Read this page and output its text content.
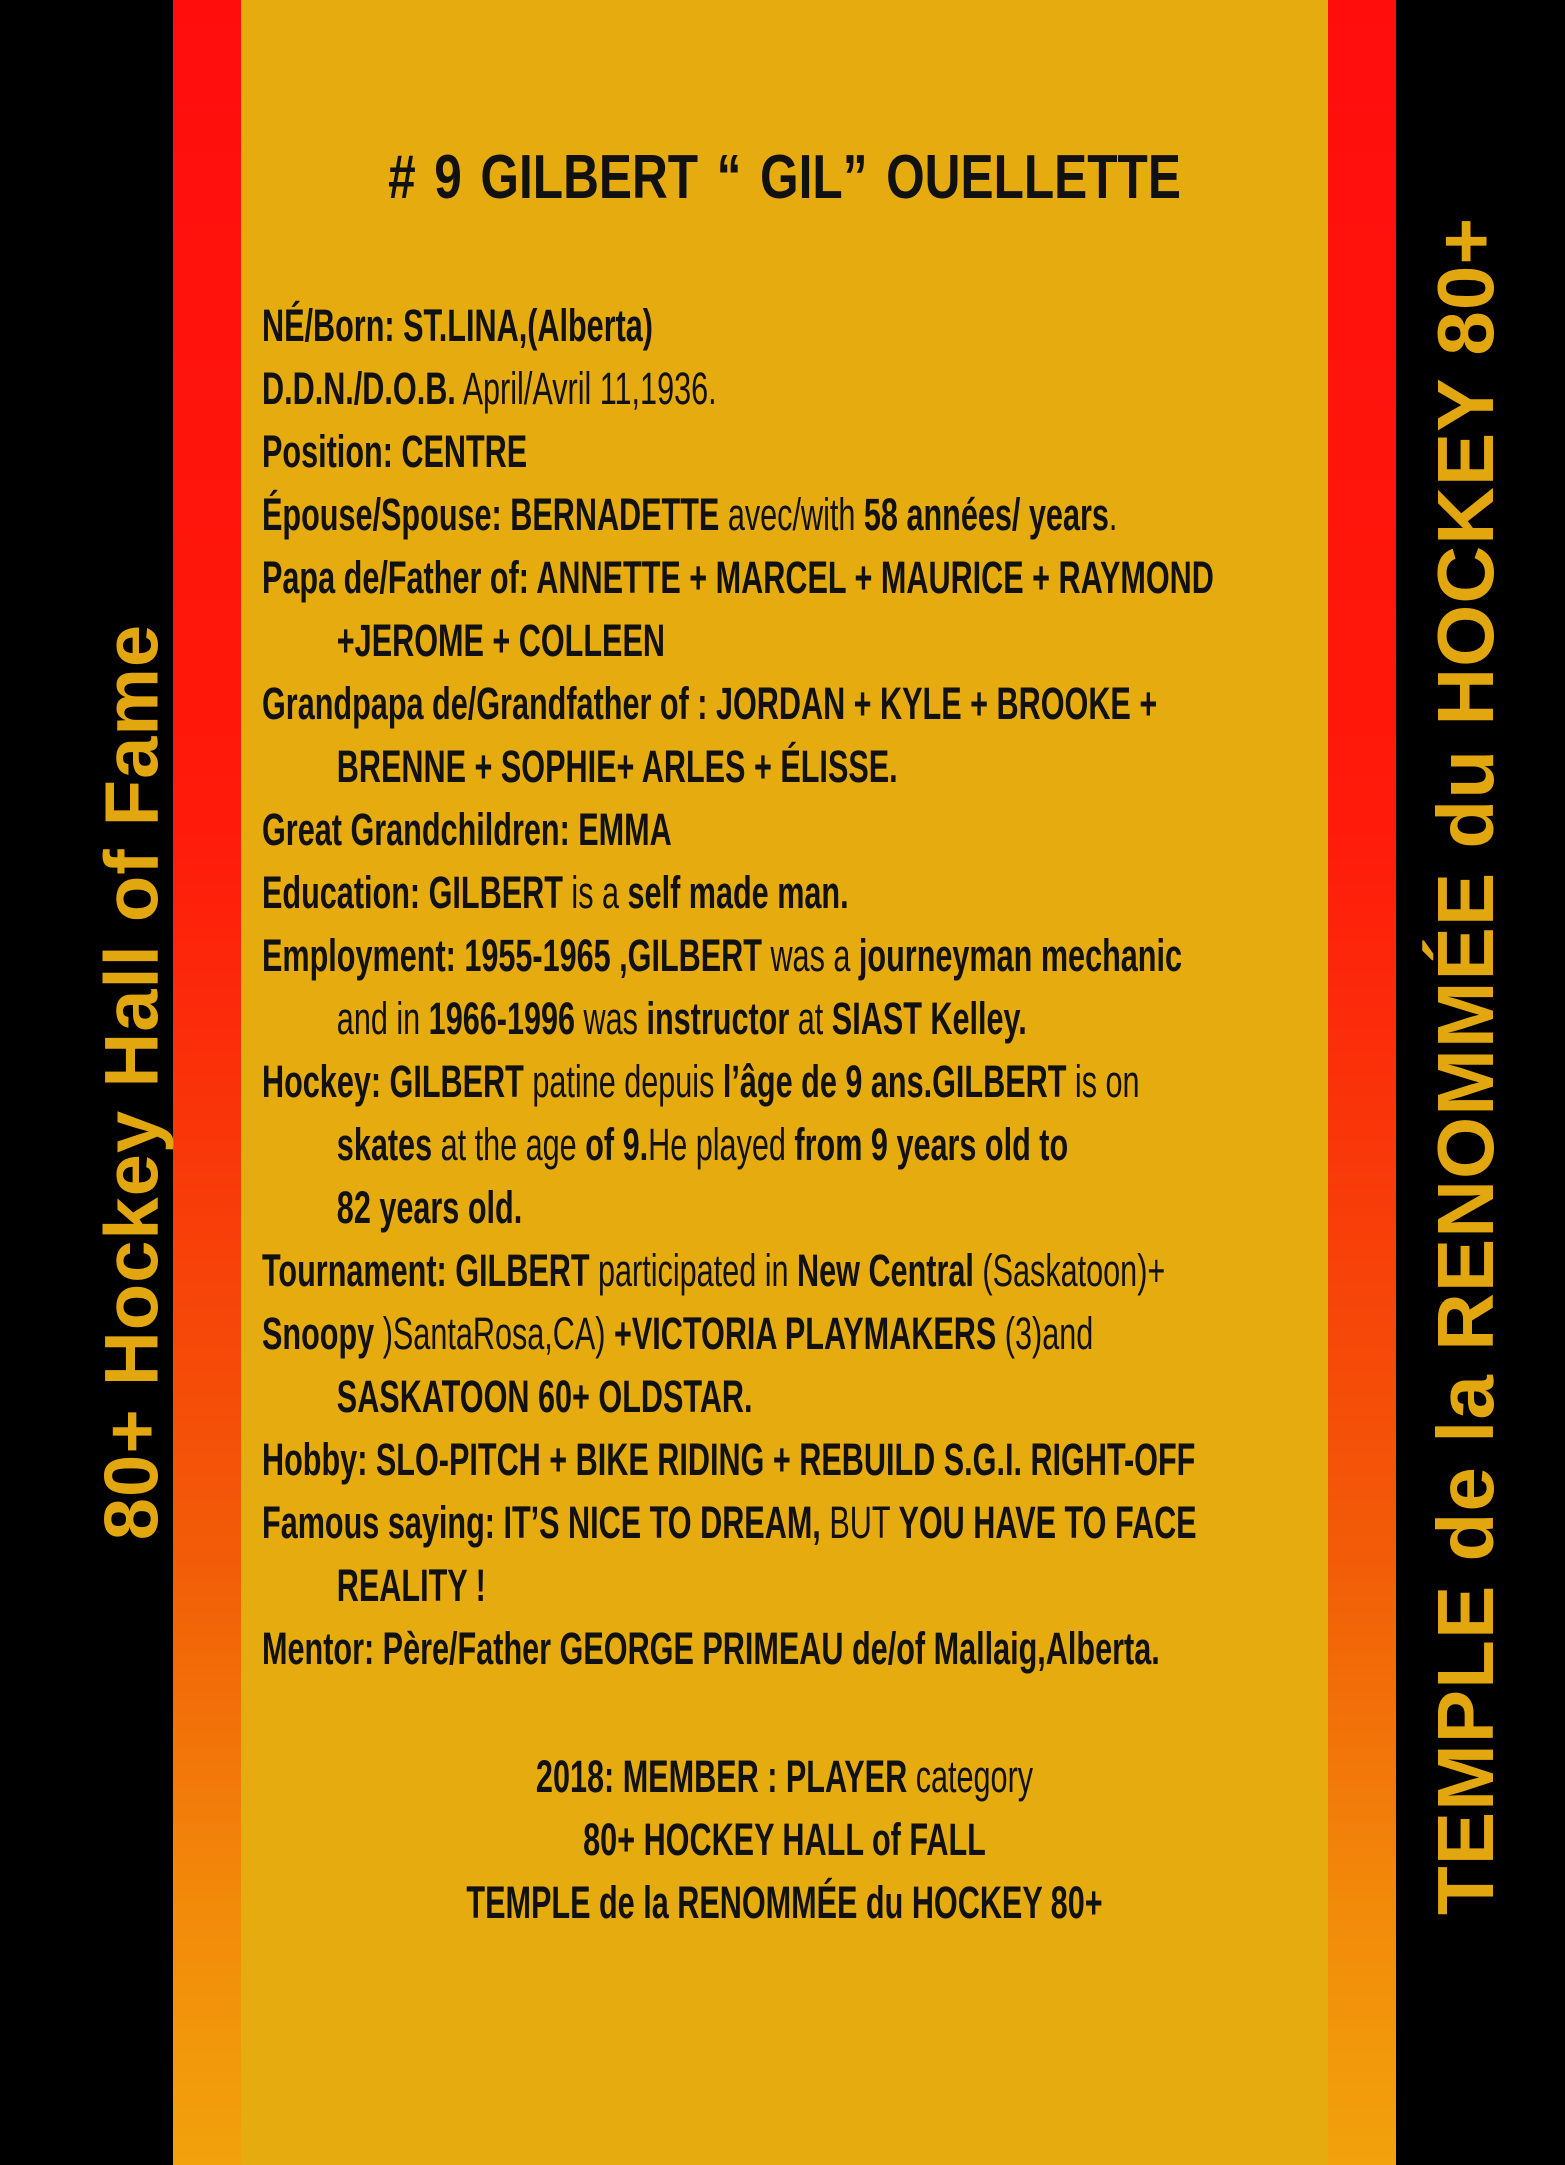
80+ Hockey Hall of Fame	TEMPLE de la RENOMMÉE du HOCKEY 80+
# 9 GILBERT “ GIL” OUELLETTE
NÉ/Born: ST.LINA,(Alberta)
D.D.N./D.O.B. April/Avril 11,1936.
Position: CENTRE
Épouse/Spouse: BERNADETTE avec/with 58 années/ years.
Papa de/Father of: ANNETTE + MARCEL + MAURICE + RAYMOND
+JEROME + COLLEEN
Grandpapa de/Grandfather of : JORDAN + KYLE + BROOKE +
BRENNE + SOPHIE+ ARLES + ÉLISSE.
Great Grandchildren: EMMA
Education: GILBERT is a self made man.
Employment: 1955-1965 ,GILBERT was a journeyman mechanic
and in 1966-1996 was instructor at SIAST Kelley.
Hockey: GILBERT patine depuis l’âge de 9 ans.GILBERT is on
skates at the age of 9.He played from 9 years old to
82 years old.
Tournament: GILBERT participated in New Central (Saskatoon)+
Snoopy )SantaRosa,CA) +VICTORIA PLAYMAKERS (3)and
SASKATOON 60+ OLDSTAR.
Hobby: SLO-PITCH + BIKE RIDING + REBUILD S.G.I. RIGHT-OFF
Famous saying: IT’S NICE TO DREAM, BUT YOU HAVE TO FACE
REALITY !
Mentor: Père/Father GEORGE PRIMEAU de/of Mallaig,Alberta.
2018: MEMBER : PLAYER category
80+ HOCKEY HALL of FALL
TEMPLE de la RENOMMÉE du HOCKEY 80+
